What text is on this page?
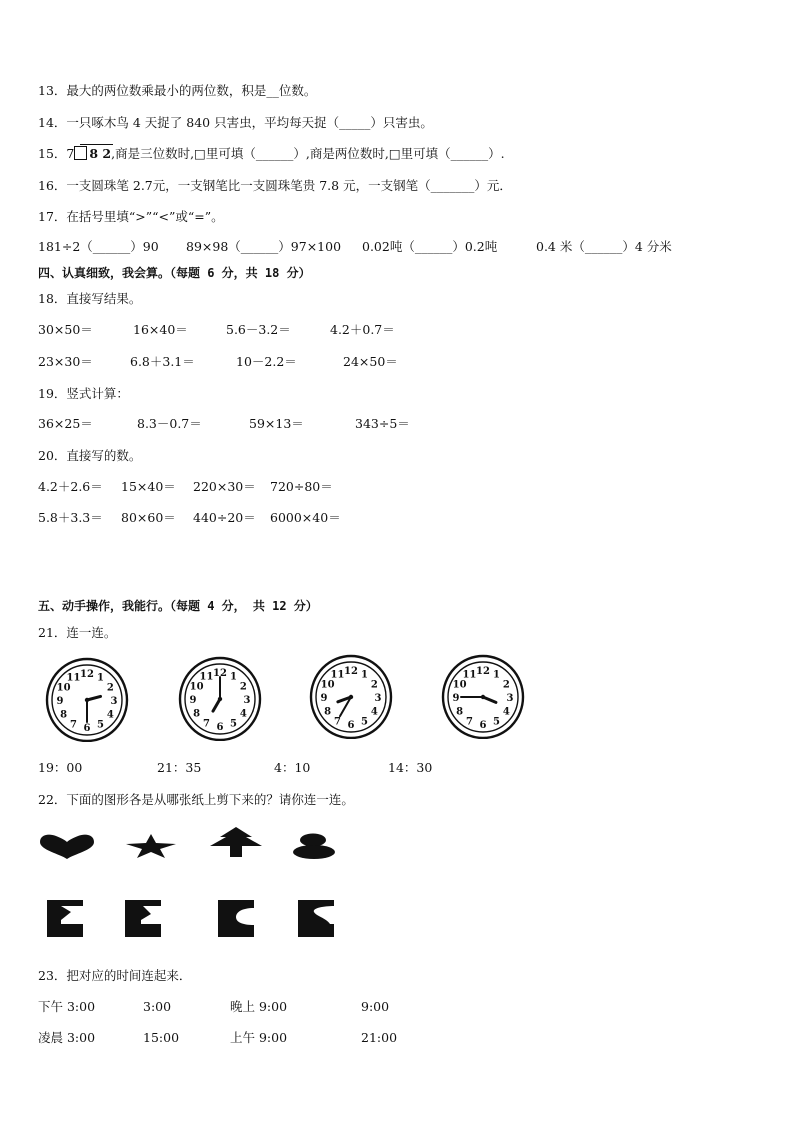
13．最大的两位数乘最小的两位数，积是__位数。
14．一只啄木鸟 4 天捉了 840 只害虫，平均每天捉（_____）只害虫。
15．7 8 2,商是三位数时,□里可填（______）,商是两位数时,□里可填（______）.
16．一支圆珠笔 2.7元，一支钢笔比一支圆珠笔贵 7.8 元，一支钢笔（_______）元．
17．在括号里填“>”“<”或“=”。
181÷2（______）90 89×98（______）97×100 0.02吨（______）0.2吨	0.4 米（______）4 分米
四、认真细致，我会算。（每题 6 分，共 18 分）
18．直接写结果。
30×50＝	16×40＝	5.6－3.2＝	4.2＋0.7＝
23×30＝	6.8＋3.1＝	10－2.2＝	24×50＝
19．竖式计算：
36×25＝	8.3－0.7＝	59×13＝	343÷5＝
20．直接写的数。
4.2＋2.6＝ 15×40＝ 220×30＝ 720÷80＝
5.8＋3.3＝ 80×60＝ 440÷20＝ 6000×40＝
五、动手操作，我能行。（每题 4 分， 共 12 分）
21．连一连。
1
2
3
4
5
6
7
8
9
10
11 12	1
2
3
4
5
6
7
8
9
10
11 12	1
2
3
4
5
6
7
8
9
10
11 12	1
2
3
4
5
6
7
8
9
10
11 12
19：00	21：35	4：10	14：30
22．下面的图形各是从哪张纸上剪下来的？请你连一连。
23．把对应的时间连起来．
下午 3:00	3:00	晚上 9:00	9:00
凌晨 3:00	15:00	上午 9:00	21:00
